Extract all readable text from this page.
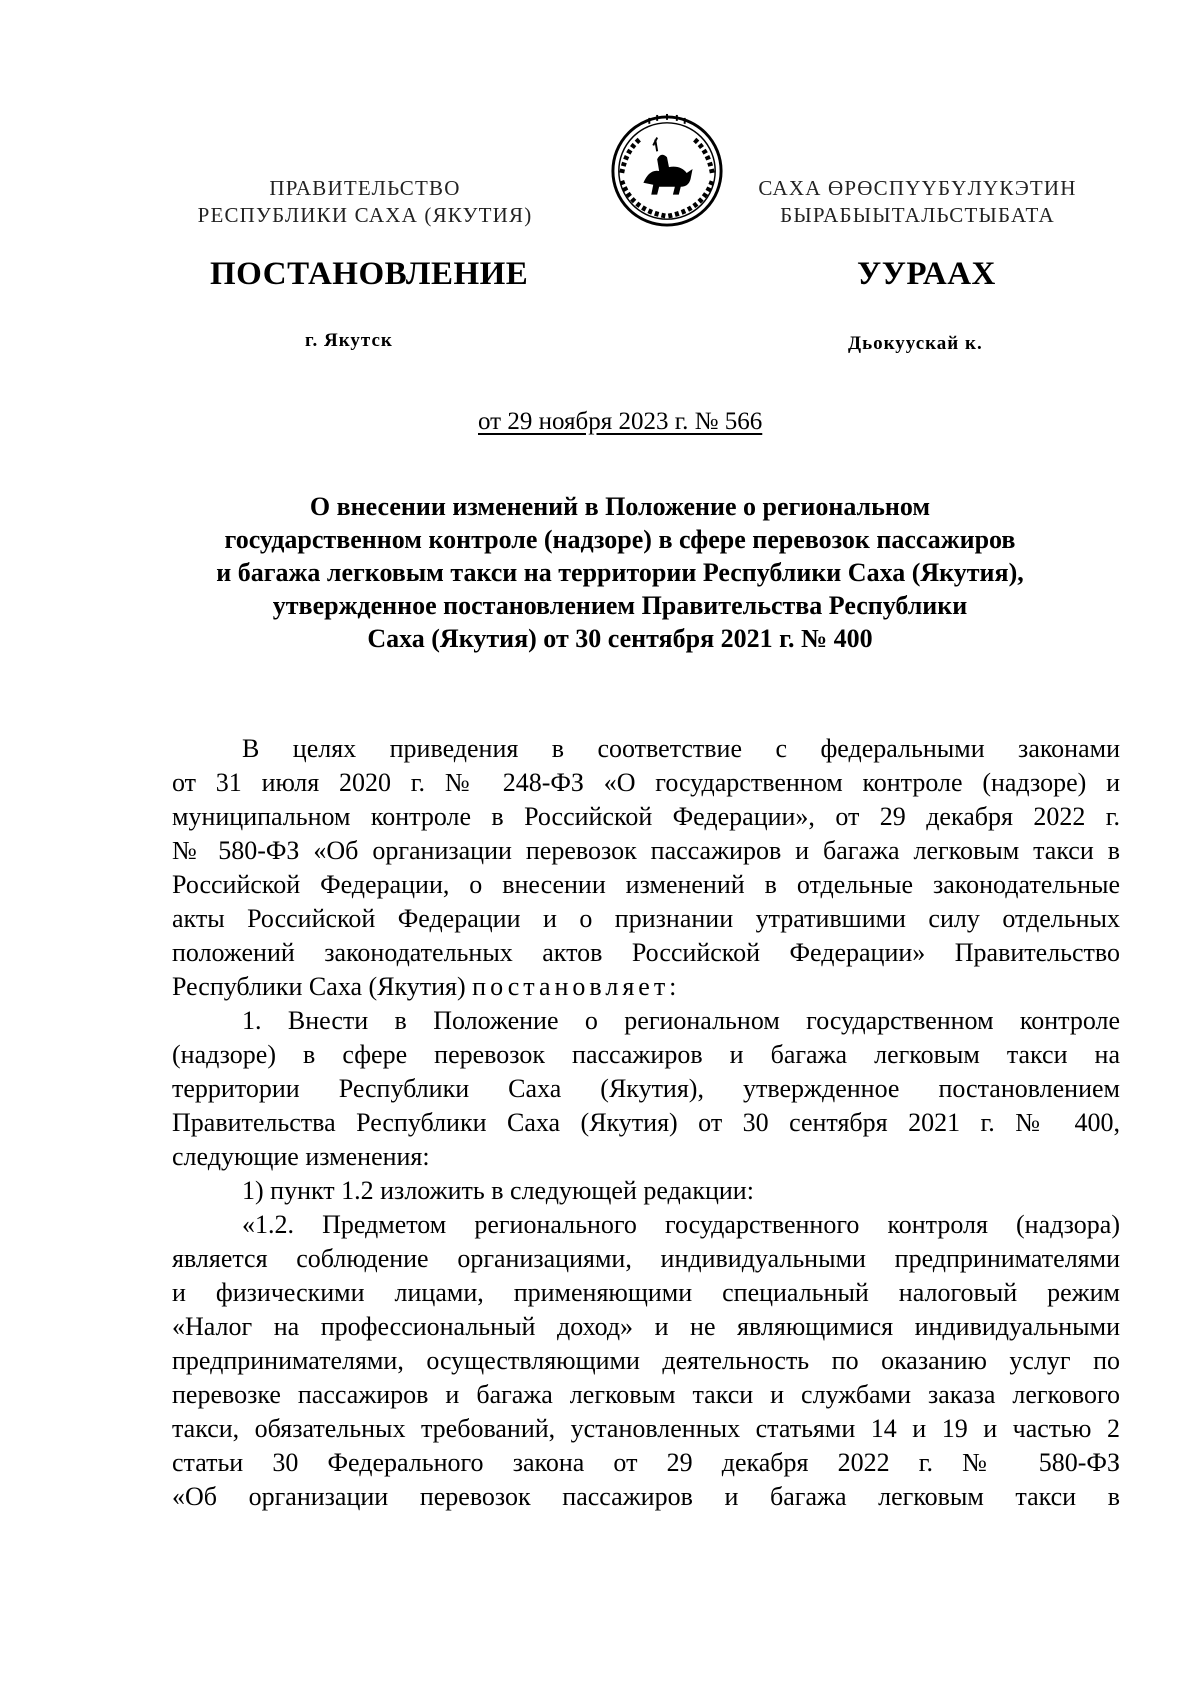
ПРАВИТЕЛЬСТВО
РЕСПУБЛИКИ САХА (ЯКУТИЯ)
САХА ӨРӨСПҮҮБҮЛҮКЭТИН
БЫРАБЫЫТАЛЬСТЫБАТА
ПОСТАНОВЛЕНИЕ	УУРААХ
г. Якутск	Дьокуускай к.
от 29 ноября 2023 г. № 566
О внесении изменений в Положение о региональном
государственном контроле (надзоре) в сфере перевозок пассажиров
и багажа легковым такси на территории Республики Саха (Якутия),
утвержденное постановлением Правительства Республики
Саха (Якутия) от 30 сентября 2021 г. № 400
В целях приведения в соответствие с федеральными законами
от 31 июля 2020 г. № 248-ФЗ «О государственном контроле (надзоре) и
муниципальном контроле в Российской Федерации», от 29 декабря 2022 г.
№ 580-ФЗ «Об организации перевозок пассажиров и багажа легковым такси в
Российской Федерации, о внесении изменений в отдельные законодательные
акты Российской Федерации и о признании утратившими силу отдельных
положений законодательных актов Российской Федерации» Правительство
Республики Саха (Якутия) постановляет:
1. Внести в Положение о региональном государственном контроле
(надзоре) в сфере перевозок пассажиров и багажа легковым такси на
территории Республики Саха (Якутия), утвержденное постановлением
Правительства Республики Саха (Якутия) от 30 сентября 2021 г. № 400,
следующие изменения:
1) пункт 1.2 изложить в следующей редакции:
«1.2. Предметом регионального государственного контроля (надзора)
является соблюдение организациями, индивидуальными предпринимателями
и физическими лицами, применяющими специальный налоговый режим
«Налог на профессиональный доход» и не являющимися индивидуальными
предпринимателями, осуществляющими деятельность по оказанию услуг по
перевозке пассажиров и багажа легковым такси и службами заказа легкового
такси, обязательных требований, установленных статьями 14 и 19 и частью 2
статьи 30 Федерального закона от 29 декабря 2022 г. № 580-ФЗ
«Об организации перевозок пассажиров и багажа легковым такси в
